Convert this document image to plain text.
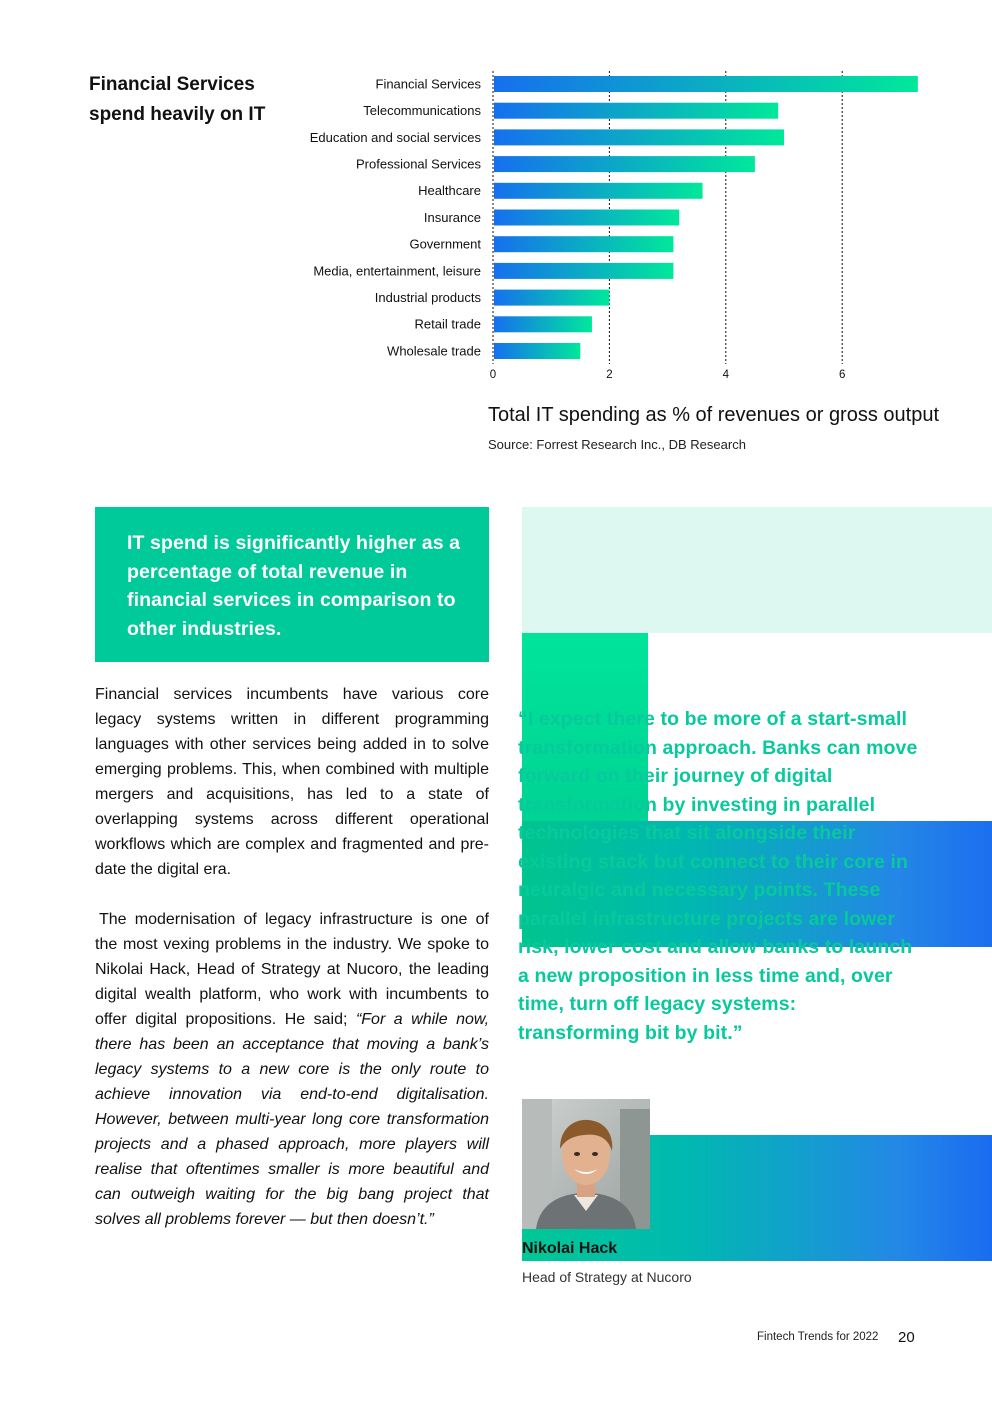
Financial Services spend heavily on IT
Financial Services
Telecommunications
Education and social services
Professional Services
Healthcare
Insurance
Government
Media, entertainment, leisure
Industrial products
Retail trade
Wholesale trade
0	2	4	6
Total IT spending as % of revenues or gross output
Source: Forrest Research Inc., DB Research
IT spend is significantly higher as a percentage of total revenue in financial services in comparison to other industries.

Financial services incumbents have various core legacy systems written in different programming languages with other services being added in to solve emerging problems. This, when combined with multiple mergers and acquisitions, has led to a state of overlapping systems across different operational workflows which are complex and fragmented and pre-date the digital era.

The modernisation of legacy infrastructure is one of the most vexing problems in the industry. We spoke to Nikolai Hack, Head of Strategy at Nucoro, the leading digital wealth platform, who work with incumbents to offer digital propositions. He said; “For a while now, there has been an acceptance that moving a bank’s legacy systems to a new core is the only route to achieve innovation via end-to-end digitalisation. However, between multi-year long core transformation projects and a phased approach, more players will realise that oftentimes smaller is more beautiful and can outweigh waiting for the big bang project that solves all problems forever — but then doesn’t.”

“I expect there to be more of a start-small transformation approach. Banks can move forward on their journey of digital transformation by investing in parallel technologies that sit alongside their existing stack but connect to their core in neuralgic and necessary points. These parallel infrastructure projects are lower risk, lower cost and allow banks to launch a new proposition in less time and, over time, turn off legacy systems: transforming bit by bit.”
Nikolai Hack
Head of Strategy at Nucoro
Fintech Trends for 2022 20
